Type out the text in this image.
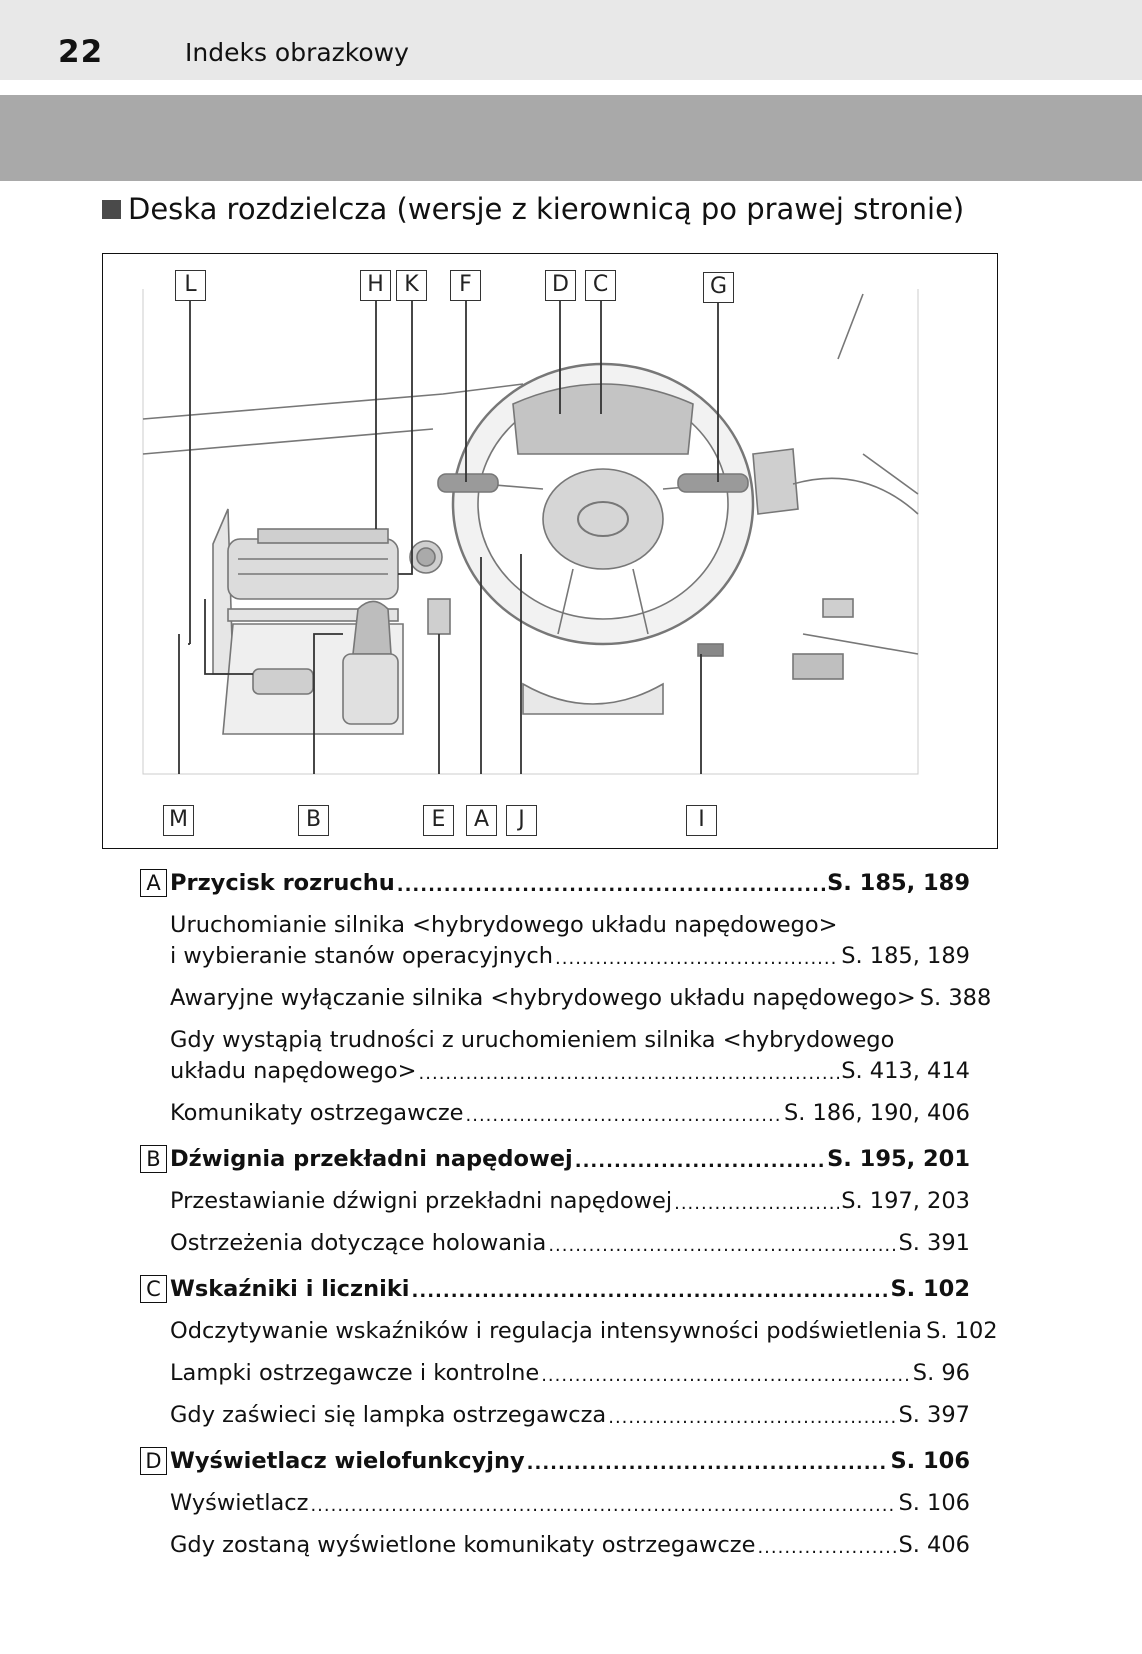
22	Indeks obrazkowy
Deska rozdzielcza (wersje z kierownicą po prawej stronie)
L	H K	F	D	C	G
M	B	E	A	J	I
A Przycisk rozruchu .....	S. 185, 189
Uruchomianie silnika <hybrydowego układu napędowego>
i wybieranie stanów operacyjnych .....	S. 185, 189
Awaryjne wyłączanie silnika <hybrydowego układu napędowego> S. 388
Gdy wystąpią trudności z uruchomieniem silnika <hybrydowego
układu napędowego> .....	S. 413, 414
Komunikaty ostrzegawcze .....	S. 186, 190, 406
B Dźwignia przekładni napędowej .....	S. 195, 201
Przestawianie dźwigni przekładni napędowej .....	S. 197, 203
Ostrzeżenia dotyczące holowania .....	S. 391
C Wskaźniki i liczniki .....	S. 102
Odczytywanie wskaźników i regulacja intensywności podświetlenia S. 102
Lampki ostrzegawcze i kontrolne .....	S. 96
Gdy zaświeci się lampka ostrzegawcza .....	S. 397
D Wyświetlacz wielofunkcyjny .....	S. 106
Wyświetlacz .....	S. 106
Gdy zostaną wyświetlone komunikaty ostrzegawcze .....	S. 406
